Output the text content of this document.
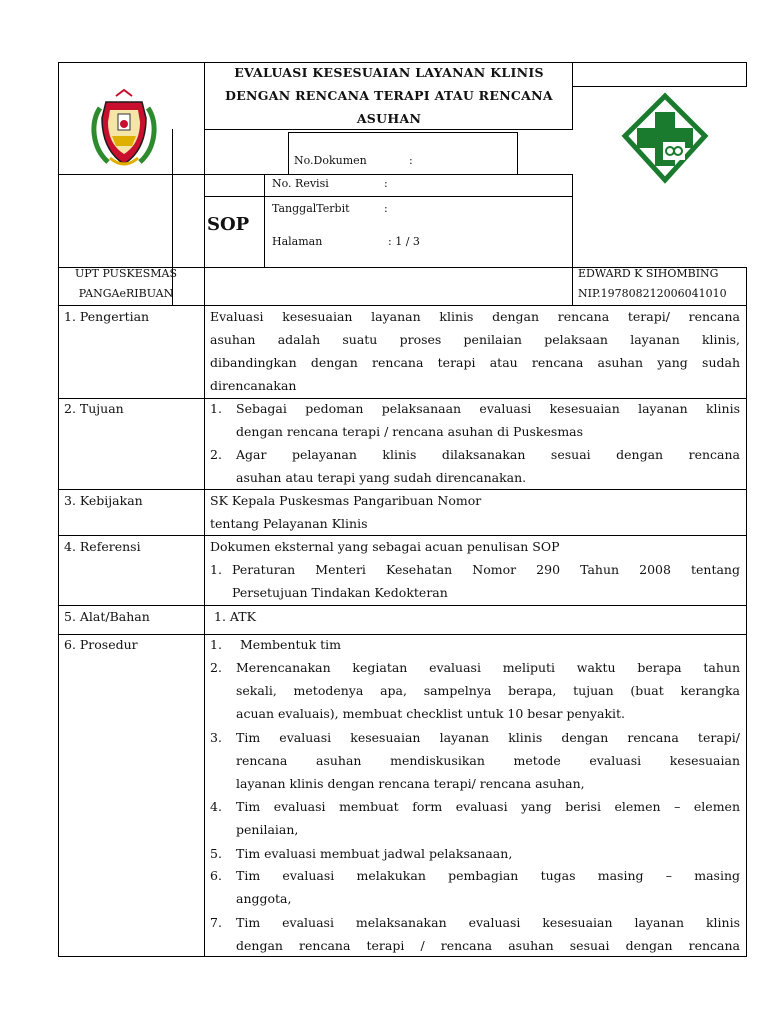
EVALUASI KESESUAIAN LAYANAN KLINIS
DENGAN RENCANA TERAPI ATAU RENCANA
ASUHAN
SOP
No.Dokumen	:
No. Revisi	:
TanggalTerbit	:
Halaman	: 1 / 3
UPT PUSKESMAS
PANGAeRIBUAN
EDWARD K SIHOMBING
NIP.197808212006041010
1. Pengertian	Evaluasi kesesuaian layanan klinis dengan rencana terapi/ rencana
asuhan adalah suatu proses penilaian pelaksaan layanan klinis,
dibandingkan dengan rencana terapi atau rencana asuhan yang sudah
direncanakan
2. Tujuan	1. Sebagai pedoman pelaksanaan evaluasi kesesuaian layanan klinis
dengan rencana terapi / rencana asuhan di Puskesmas
2. Agar pelayanan klinis dilaksanakan sesuai dengan rencana
asuhan atau terapi yang sudah direncanakan.
3. Kebijakan	SK Kepala Puskesmas Pangaribuan Nomor
tentang Pelayanan Klinis
4. Referensi	Dokumen eksternal yang sebagai acuan penulisan SOP
1. Peraturan Menteri Kesehatan Nomor 290 Tahun 2008 tentang
Persetujuan Tindakan Kedokteran
5. Alat/Bahan	1. ATK
6. Prosedur	1. Membentuk tim
2. Merencanakan kegiatan evaluasi meliputi waktu berapa tahun
sekali, metodenya apa, sampelnya berapa, tujuan (buat kerangka
acuan evaluais), membuat checklist untuk 10 besar penyakit.
3. Tim evaluasi kesesuaian layanan klinis dengan rencana terapi/
rencana asuhan mendiskusikan metode evaluasi kesesuaian
layanan klinis dengan rencana terapi/ rencana asuhan,
4. Tim evaluasi membuat form evaluasi yang berisi elemen – elemen
penilaian,
5. Tim evaluasi membuat jadwal pelaksanaan,
6. Tim evaluasi melakukan pembagian tugas masing – masing
anggota,
7. Tim evaluasi melaksanakan evaluasi kesesuaian layanan klinis
dengan rencana terapi / rencana asuhan sesuai dengan rencana
